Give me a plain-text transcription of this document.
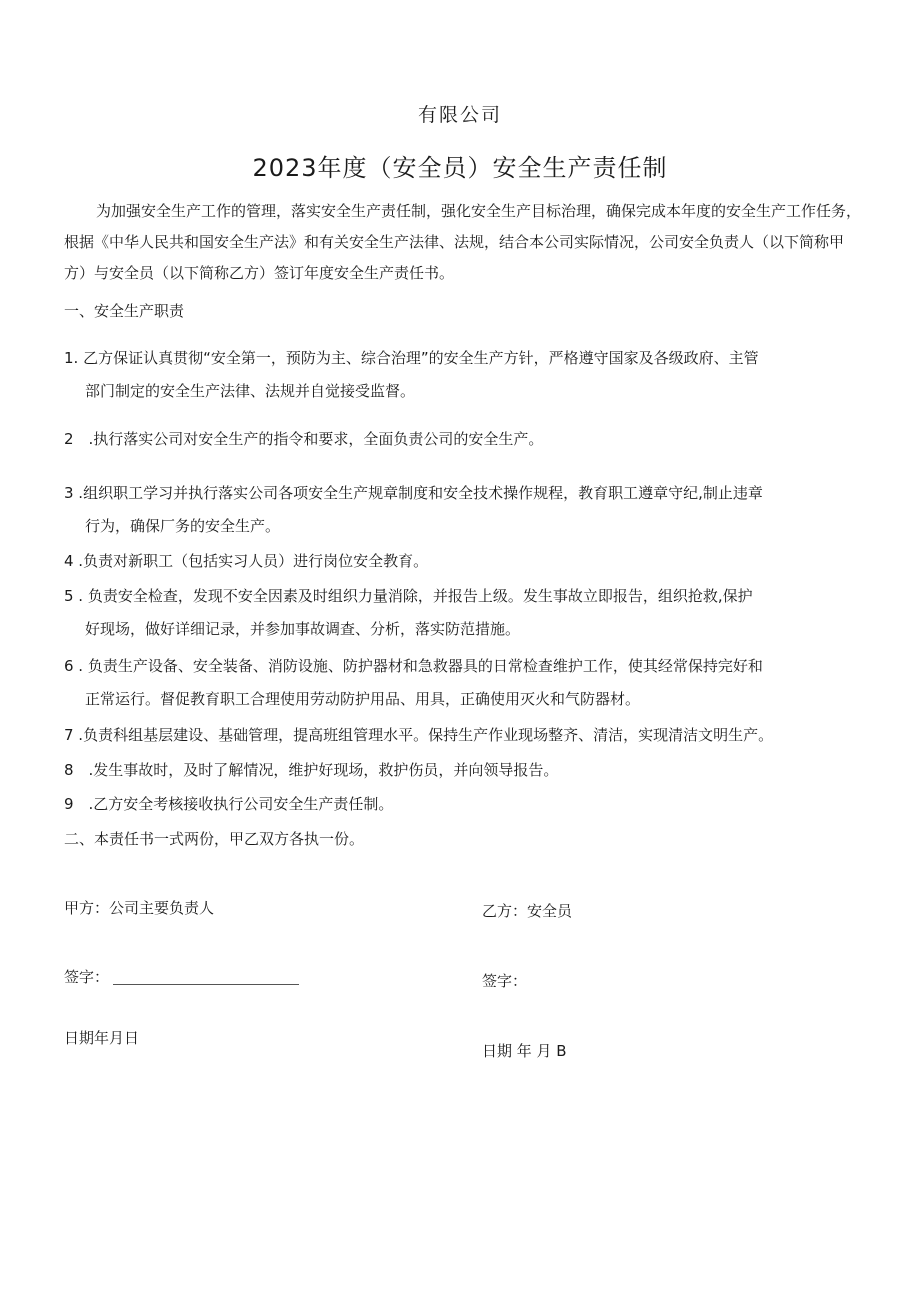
有限公司
2023年度（安全员）安全生产责任制
为加强安全生产工作的管理，落实安全生产责任制，强化安全生产目标治理，确保完成本年度的安全生产工作任务，根据《中华人民共和国安全生产法》和有关安全生产法律、法规，结合本公司实际情况，公司安全负责人（以下简称甲方）与安全员（以下简称乙方）签订年度安全生产责任书。
一、安全生产职责
1. 乙方保证认真贯彻“安全第一，预防为主、综合治理”的安全生产方针，严格遵守国家及各级政府、主管
部门制定的安全生产法律、法规并自觉接受监督。
2　.执行落实公司对安全生产的指令和要求，全面负责公司的安全生产。
3 .组织职工学习并执行落实公司各项安全生产规章制度和安全技术操作规程，教育职工遵章守纪,制止违章
行为，确保厂务的安全生产。
4 .负责对新职工（包括实习人员）进行岗位安全教育。
5 . 负责安全检查，发现不安全因素及时组织力量消除，并报告上级。发生事故立即报告，组织抢救,保护
好现场，做好详细记录，并参加事故调查、分析，落实防范措施。
6 . 负责生产设备、安全装备、消防设施、防护器材和急救器具的日常检查维护工作，使其经常保持完好和
正常运行。督促教育职工合理使用劳动防护用品、用具，正确使用灭火和气防器材。
7 .负责科组基层建设、基础管理，提高班组管理水平。保持生产作业现场整齐、清洁，实现清洁文明生产。
8　.发生事故时，及时了解情况，维护好现场，救护伤员，并向领导报告。
9　.乙方安全考核接收执行公司安全生产责任制。
二、本责任书一式两份，甲乙双方各执一份。
甲方：公司主要负责人	乙方：安全员
签字：	签字：
日期年月日
日期 年 月 B
